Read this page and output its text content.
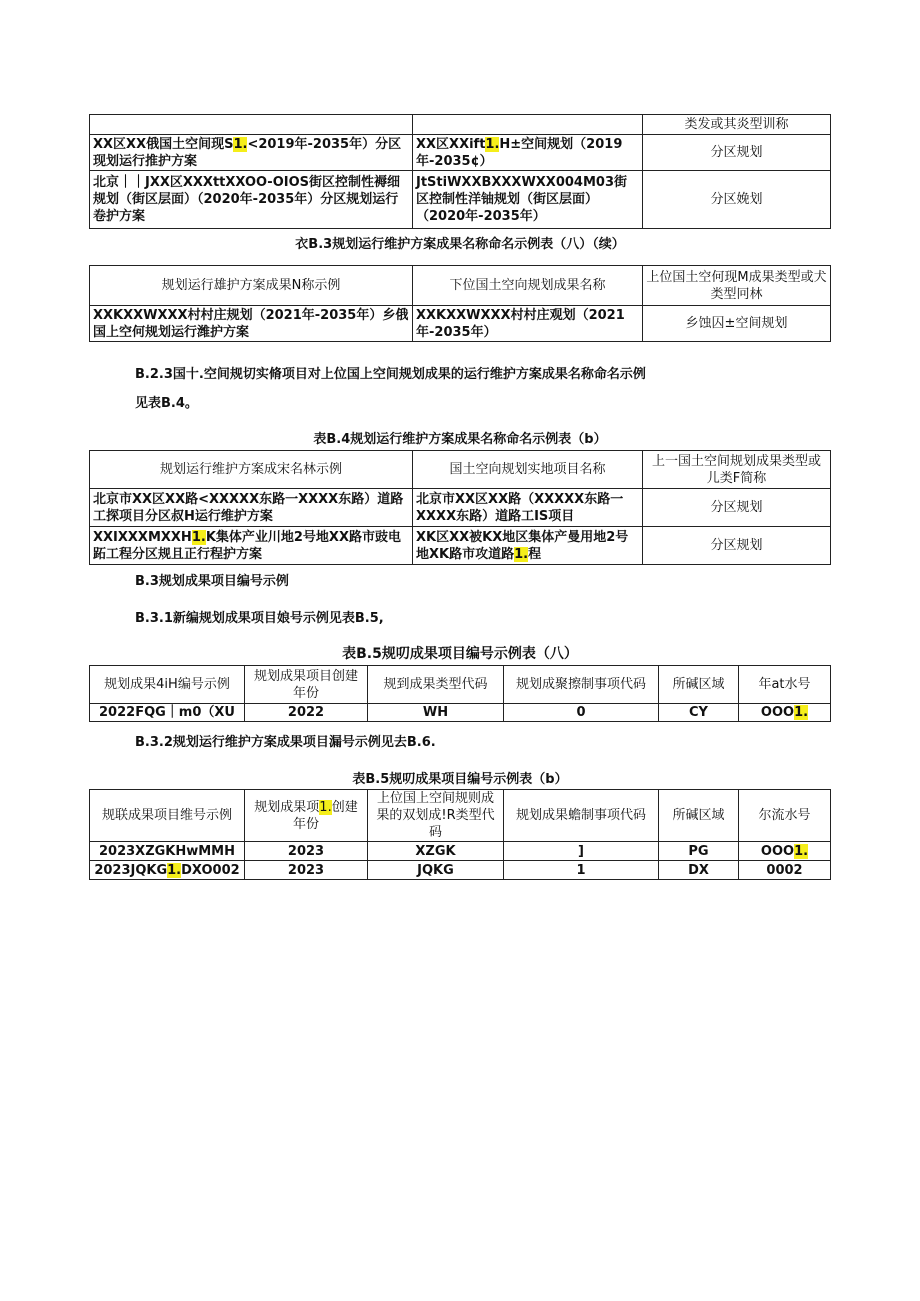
		类发或其炎型训称
XX区XX俄国土空间现S1.<2019年-2035年）分区现划运行推护方案	XX区XXift1.H±空间规划（2019年-2035¢）	分区规划
北京｜｜JXX区XXXttXXOO-OIOS街区控制性褥细规划（街区层面）（2020年-2035年）分区规划运行卷护方案	JtStiWXXBXXXWXX004M03街区控制性洋铀规划（街区层面）（2020年-2035年）	分区娩划
衣B.3规划运行维护方案成果名称命名示例表（八）（续）
规划运行雄护方案成果N称示例	下位国土空向规划成果名称	上位国土空何现M成果类型或犬类型冋林
XXKXXWXXX村村庄规划（2021年-2035年）乡俄国上空何规划运行潍护方案	XXKXXWXXX村村庄观划（2021年-2035年）	乡蚀囚±空间规划
B.2.3国十.空间规切实脩项目对上位国上空间规划成果的运行维护方案成果名称命名示例
见表B.4。
表B.4规划运行维护方案成果名称命名示例表（b）
规划运行维护方案成宋名林示例	国土空向规划实地项目名称	上一国土空间规划成果类型或儿类F简称
北京市XX区XX路<XXXXX东路一XXXX东路）道路工探项目分区叔H运行维护方案	北京市XX区XX路（XXXXX东路一XXXX东路）道路工IS项目	分区规划
XXIXXXMXXH1.K集体产业川地2号地XX路市豉电跖工程分区规且正行程护方案	XK区XX被KX地区集体产曼用地2号地XK路市攻道路1.程	分区规划
B.3规划成果项目编号示例
B.3.1新编规划成果项目娘号示例见表B.5,
表B.5规叨成果项目编号示例表（八）
规划成果4iH编号示例	规划成果项目创建年份	规到成果类型代码	规划成聚擦制事项代码	所碱区域	年at水号
2022FQG｜m0（XU	2022	WH	0	CY	OOO1.
B.3.2规划运行维护方案成果项目漏号示例见去B.6.
表B.5规叨成果项目编号示例表（b）
规联成果项目维号示例	规划成果项1.创建年份	上位国上空间规则成果的双划成!R类型代码	规划成果蟾制事项代码	所碱区域	尔流水号
2023XZGKHwMMH	2023	XZGK	]	PG	OOO1.
2023JQKG1.DXO002	2023	JQKG	1	DX	0002
